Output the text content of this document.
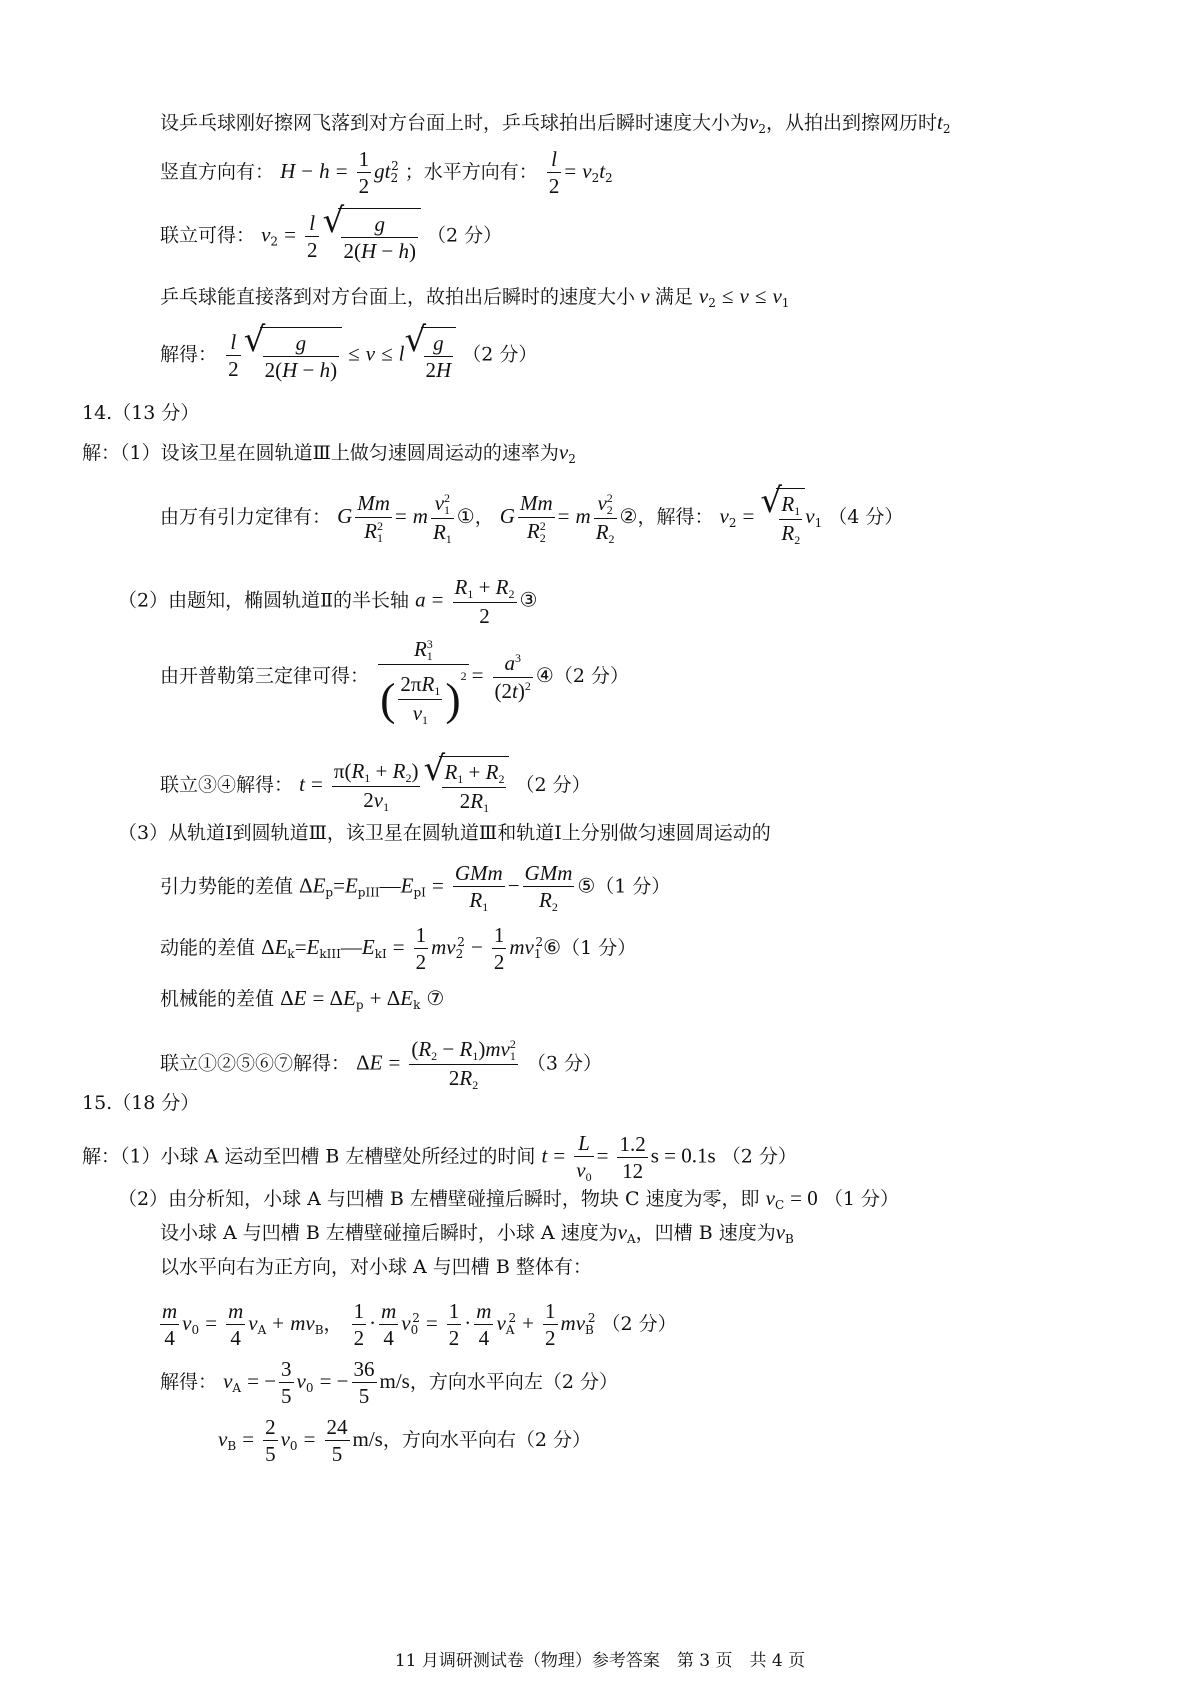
设乒乓球刚好擦网飞落到对方台面上时，乒乓球拍出后瞬时速度大小为$v_2$，从拍出到擦网历时$t_2$
竖直方向有： $H - h = \frac{1}{2} gt_2^2$ ；水平方向有： $\frac{l}{2} = v_2t_2$
联立可得： $v_2 = \frac{l}{2}$ √
$\frac{g}{2(H - h)} (2$ 分）
乒乓球能直接落到对方台面上，故拍出后瞬时的速度大小 v 满足 $v_2 \le v \le v_1$
解得： $\frac{l}{2}$ √
$\frac{g}{2(H - h)} \le v \le l$ √
$\frac{g}{2H} (2$ 分）
14.（13 分）
解：（1）设该卫星在圆轨道Ⅲ上做匀速圆周运动的速率为$v_2$
由万有引力定律有： G $\frac{Mm}{R_1^2} = m \frac{v_1^2}{R_1}$ ①， G $\frac{Mm}{R_2^2} = m \frac{v_2^2}{R_2}$ ②，解得： $v_2$ = √
$\frac{R_1}{R_2} v_1$ （4 分）
（2）由题知，椭圆轨道Ⅱ的半长轴 $a = \frac{R_1 + R_2}{2}$ ③
由开普勒第三定律可得： $\frac{R_1^3}{( \frac{2\pi R_1}{v_1} )^2} = \frac{a^3}{(2t)^2}$ ④（2 分）
联立③④解得： $t = \frac{\pi(R_1 + R_2)}{2v_1}$ √
$\frac{R_1 + R_2}{2R_1} (2$ 分）
（3）从轨道Ⅰ到圆轨道Ⅲ，该卫星在圆轨道Ⅲ和轨道Ⅰ上分别做匀速圆周运动的
引力势能的差值 $\Delta E_p=E_{pIII}—E_{pI} = \frac{\text{GMm}}{R_1} - \frac{\text{GMm}}{R_2}$ ⑤（1 分）
动能的差值 $\Delta E_k=E_{kIII}—E_{kI} = \frac{1}{2} mv_2^2 - \frac{1}{2}$ $mv_1^2⑥(1$ 分）
机械能的差值 $\Delta E = \Delta E_p + \Delta E_k$ ⑦
联立①②⑤⑥⑦解得： $\Delta E = \frac{(R_2 - R_1)mv_1^2}{2R_2} (3$ 分）
15.（18 分）
解：（1）小球 A 运动至凹槽 B 左槽壁处所经过的时间 $t = \frac{L}{v_0} = \frac{1.2}{12}$ s = 0.1s （2 分）
（2）由分析知，小球 A 与凹槽 B 左槽壁碰撞后瞬时，物块 C 速度为零，即 $v_C = 0$ （1 分）
设小球 A 与凹槽 B 左槽壁碰撞后瞬时，小球 A 速度为$v_A$，凹槽 B 速度为$v_B$
以水平向右为正方向，对小球 A 与凹槽 B 整体有：
$\frac{m}{4} v_0 = \frac{m}{4} v_A + mv_B$， $\frac{1}{2} \cdot \frac{m}{4} v_0^2 = \frac{1}{2} \cdot \frac{m}{4} v_A^2 + \frac{1}{2} mv_B^2$ （2 分）
解得： $v_A$ = − $\frac{3}{5} v_0$ = − $\frac{36}{5} m/s$，方向水平向左（2 分）
$v_B = \frac{2}{5} v_0 = \frac{24}{5} m/s$，方向水平向右（2 分）
11 月调研测试卷（物理）参考答案　第 3 页　共 4 页
